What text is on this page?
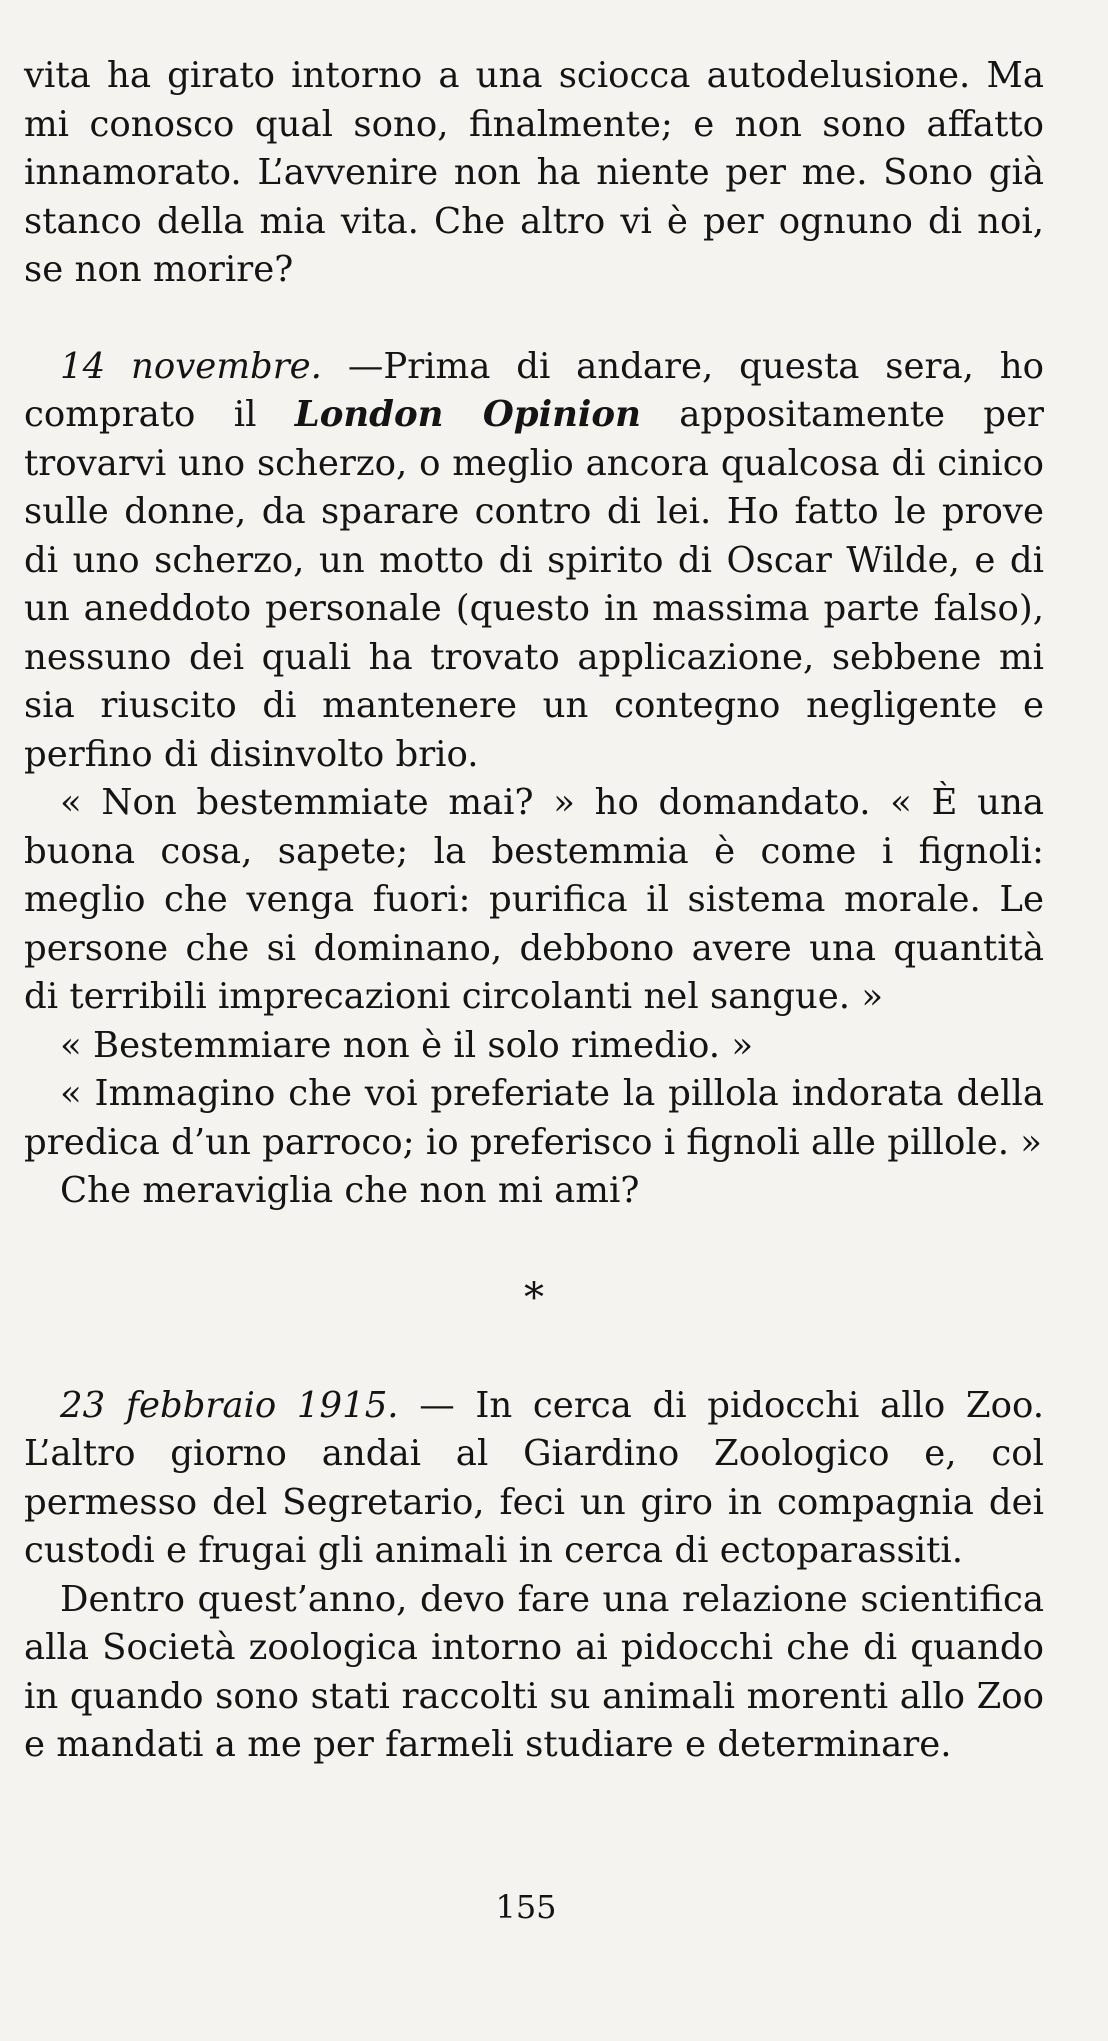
vita ha girato intorno a una sciocca autodelusione. Ma mi conosco qual sono, finalmente; e non sono affatto innamorato. L’avvenire non ha niente per me. Sono già stanco della mia vita. Che altro vi è per ognuno di noi, se non morire?

14 novembre. —Prima di andare, questa sera, ho comprato il London Opinion appositamente per trovarvi uno scherzo, o meglio ancora qualcosa di cinico sulle donne, da sparare contro di lei. Ho fatto le prove di uno scherzo, un motto di spirito di Oscar Wilde, e di un aneddoto personale (questo in massima parte falso), nessuno dei quali ha trovato applicazione, sebbene mi sia riuscito di mantenere un contegno negligente e perfino di disinvolto brio.

« Non bestemmiate mai? » ho domandato. « È una buona cosa, sapete; la bestemmia è come i fignoli: meglio che venga fuori: purifica il sistema morale. Le persone che si dominano, debbono avere una quantità di terribili imprecazioni circolanti nel sangue. »

« Bestemmiare non è il solo rimedio. »

« Immagino che voi preferiate la pillola indorata della predica d’un parroco; io preferisco i fignoli alle pillole. »

Che meraviglia che non mi ami?

*

23 febbraio 1915. — In cerca di pidocchi allo Zoo. L’altro giorno andai al Giardino Zoologico e, col permesso del Segretario, feci un giro in compagnia dei custodi e frugai gli animali in cerca di ectoparassiti.

Dentro quest’anno, devo fare una relazione scientifica alla Società zoologica intorno ai pidocchi che di quando in quando sono stati raccolti su animali morenti allo Zoo e mandati a me per farmeli studiare e determinare.

155
